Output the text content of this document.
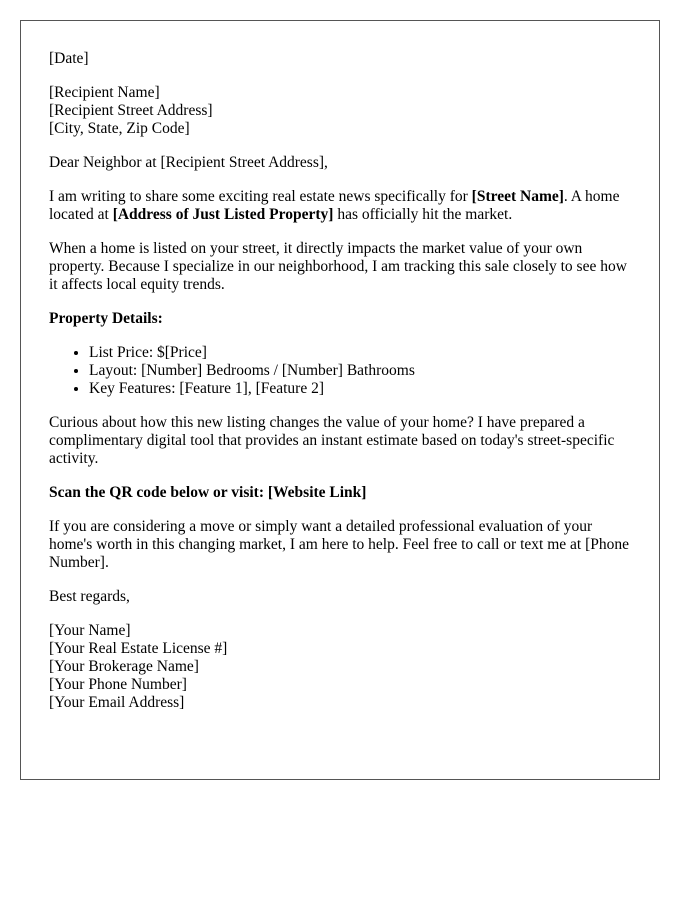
[Date]

[Recipient Name]
[Recipient Street Address]
[City, State, Zip Code]

Dear Neighbor at [Recipient Street Address],

I am writing to share some exciting real estate news specifically for [Street Name]. A home located at [Address of Just Listed Property] has officially hit the market.

When a home is listed on your street, it directly impacts the market value of your own property. Because I specialize in our neighborhood, I am tracking this sale closely to see how it affects local equity trends.

Property Details:

• List Price: $[Price]
• Layout: [Number] Bedrooms / [Number] Bathrooms
• Key Features: [Feature 1], [Feature 2]

Curious about how this new listing changes the value of your home? I have prepared a complimentary digital tool that provides an instant estimate based on today's street-specific activity.

Scan the QR code below or visit: [Website Link]

If you are considering a move or simply want a detailed professional evaluation of your home's worth in this changing market, I am here to help. Feel free to call or text me at [Phone Number].

Best regards,

[Your Name]
[Your Real Estate License #]
[Your Brokerage Name]
[Your Phone Number]
[Your Email Address]
